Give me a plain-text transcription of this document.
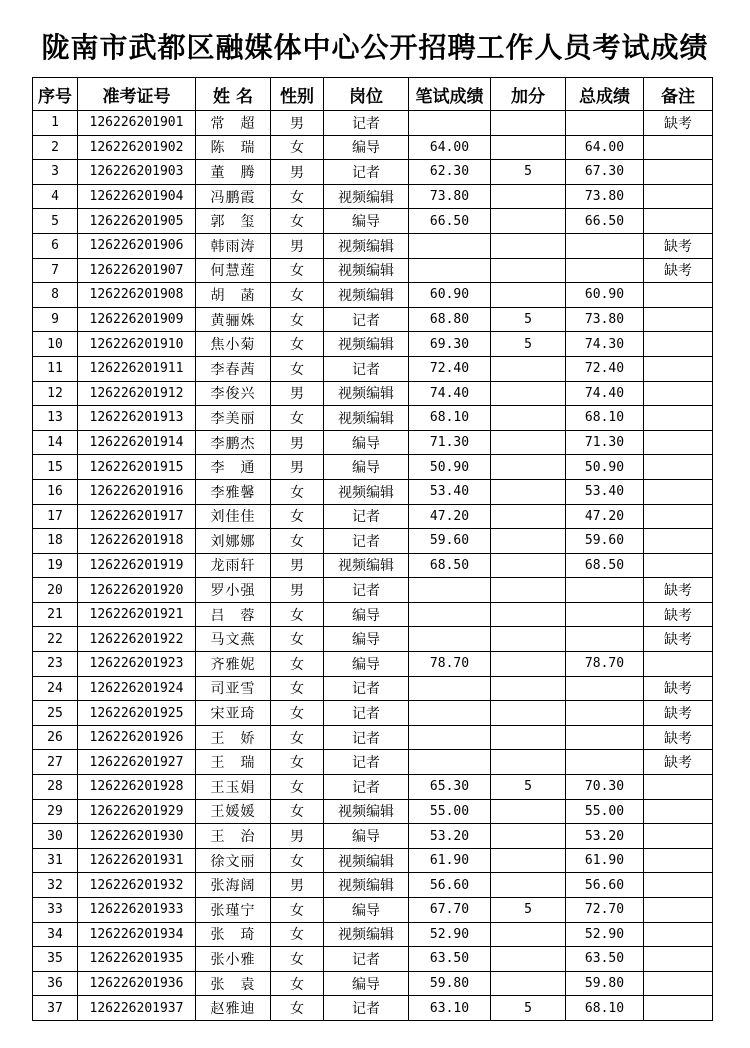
陇南市武都区融媒体中心公开招聘工作人员考试成绩
序号	准考证号	姓 名	性别	岗位	笔试成绩	加分	总成绩	备注
1	126226201901	常　超	男	记者				缺考
2	126226201902	陈　瑞	女	编导	64.00		64.00	
3	126226201903	董　腾	男	记者	62.30	5	67.30	
4	126226201904	冯鹏霞	女	视频编辑	73.80		73.80	
5	126226201905	郭　玺	女	编导	66.50		66.50	
6	126226201906	韩雨涛	男	视频编辑				缺考
7	126226201907	何慧莲	女	视频编辑				缺考
8	126226201908	胡　菡	女	视频编辑	60.90		60.90	
9	126226201909	黄骊姝	女	记者	68.80	5	73.80	
10	126226201910	焦小菊	女	视频编辑	69.30	5	74.30	
11	126226201911	李春茜	女	记者	72.40		72.40	
12	126226201912	李俊兴	男	视频编辑	74.40		74.40	
13	126226201913	李美丽	女	视频编辑	68.10		68.10	
14	126226201914	李鹏杰	男	编导	71.30		71.30	
15	126226201915	李　通	男	编导	50.90		50.90	
16	126226201916	李雅馨	女	视频编辑	53.40		53.40	
17	126226201917	刘佳佳	女	记者	47.20		47.20	
18	126226201918	刘娜娜	女	记者	59.60		59.60	
19	126226201919	龙雨轩	男	视频编辑	68.50		68.50	
20	126226201920	罗小强	男	记者				缺考
21	126226201921	吕　蓉	女	编导				缺考
22	126226201922	马文燕	女	编导				缺考
23	126226201923	齐雅妮	女	编导	78.70		78.70	
24	126226201924	司亚雪	女	记者				缺考
25	126226201925	宋亚琦	女	记者				缺考
26	126226201926	王　娇	女	记者				缺考
27	126226201927	王　瑞	女	记者				缺考
28	126226201928	王玉娟	女	记者	65.30	5	70.30	
29	126226201929	王媛媛	女	视频编辑	55.00		55.00	
30	126226201930	王　治	男	编导	53.20		53.20	
31	126226201931	徐文丽	女	视频编辑	61.90		61.90	
32	126226201932	张海阔	男	视频编辑	56.60		56.60	
33	126226201933	张瑾宁	女	编导	67.70	5	72.70	
34	126226201934	张　琦	女	视频编辑	52.90		52.90	
35	126226201935	张小雅	女	记者	63.50		63.50	
36	126226201936	张　袁	女	编导	59.80		59.80	
37	126226201937	赵雅迪	女	记者	63.10	5	68.10	
